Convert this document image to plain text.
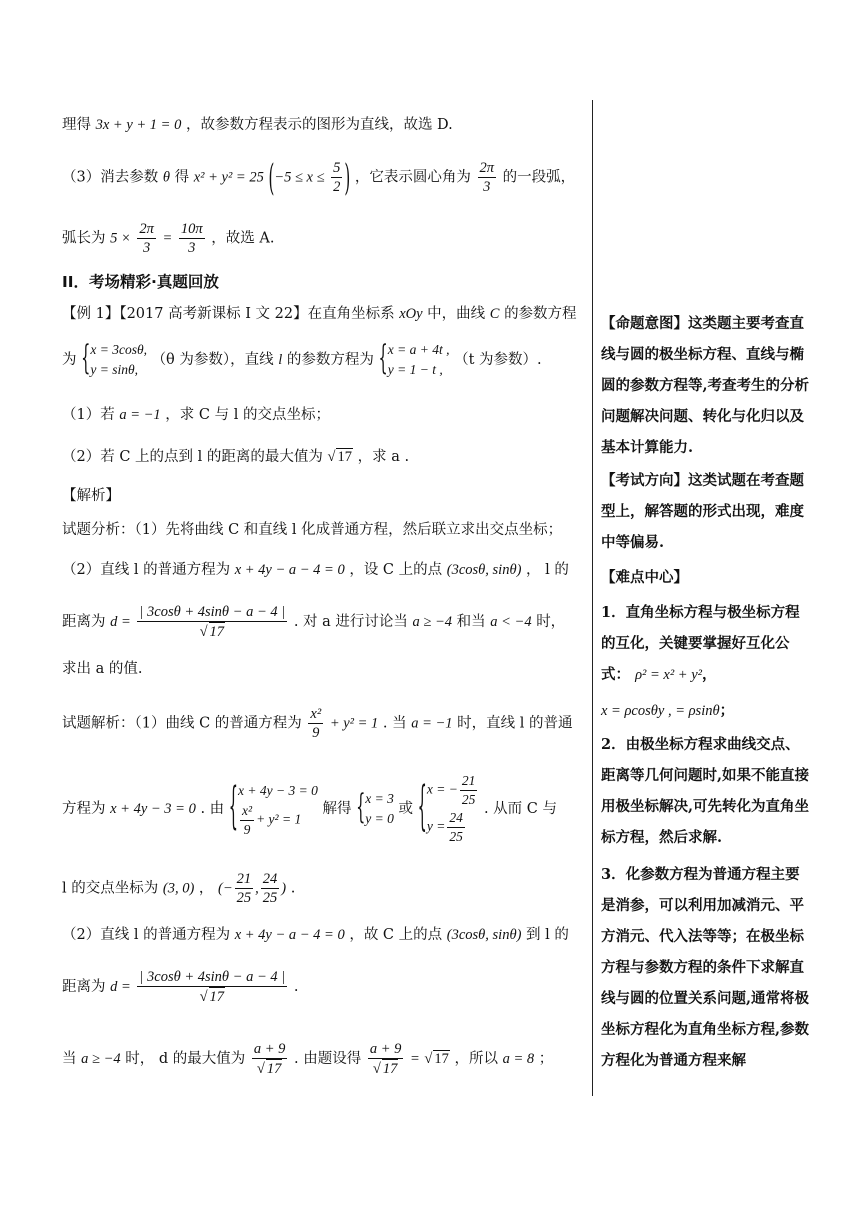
理得 3x + y + 1 = 0 ，故参数方程表示的图形为直线，故选 D.
（3）消去参数 θ 得 x² + y² = 25 ($-5 \le x \le \frac{5}{2}$ ) ，它表示圆心角为 $\frac{2\pi}{3}$ 的一段弧，
弧长为 $5 \times \frac{2\pi}{3} = \frac{10\pi}{3}$ ，故选 A.
II．考场精彩·真题回放
【例 1】【2017 高考新课标 I 文 22】在直角坐标系 xOy 中，曲线 C 的参数方程
为 { x = 3cosθ,
y = sinθ,
（θ 为参数），直线 l 的参数方程为 { x = a + 4t ,
y = 1 − t ,
（t 为参数）.
（1）若 a = −1 ，求 C 与 l 的交点坐标；
（2）若 C 上的点到 l 的距离的最大值为 √ 17 ，求 a .
【解析】
试题分析：（1）先将曲线 C 和直线 l 化成普通方程，然后联立求出交点坐标；
（2）直线 l 的普通方程为 x + 4y − a − 4 = 0 ，设 C 上的点 (3cosθ, sinθ) ， l 的
距离为 $d = \frac{| 3\cos\theta + 4\sin\theta - a - 4 |}{√ 17}$ . 对 a 进行讨论当 a ≥ −4 和当 a < −4 时，
求出 a 的值.
试题解析：（1）曲线 C 的普通方程为 $\frac{\text{x²}}{9} + y^2 = 1$ . 当 a = −1 时，直线 l 的普通
方程为 x + 4y − 3 = 0 . 由 { x + 4y − 3 = 0
$\frac{\text{x²}}{9} + y^2 = 1$
解得 { x = 3
y = 0
或 { x = − $\frac{21}{25}$
$y = \frac{24}{25}$ . 从而 C 与
l 的交点坐标为 (3, 0) ， (− $\frac{21}{25}$ , $\frac{24}{25}$ ) .
（2）直线 l 的普通方程为 x + 4y − a − 4 = 0 ，故 C 上的点 (3cosθ, sinθ) 到 l 的
距离为 $d = \frac{| 3\cos\theta + 4\sin\theta - a - 4 |}{√ 17}$ .
当 a ≥ −4 时， d 的最大值为 $\frac{a + 9}{√ 17}$ . 由题设得 $\frac{a + 9}{√ 17}$ = √ 17 ，所以 a = 8 ；

【命题意图】这类题主要考查直线与圆的极坐标方程、直线与椭圆的参数方程等,考查考生的分析问题解决问题、转化与化归以及基本计算能力.

【考试方向】这类试题在考查题型上，解答题的形式出现，难度中等偏易.

【难点中心】

1．直角坐标方程与极坐标方程的互化，关键要掌握好互化公式： ρ² = x² + y²，

x = ρcosθy , = ρsinθ；

2．由极坐标方程求曲线交点、距离等几何问题时,如果不能直接用极坐标解决,可先转化为直角坐标方程，然后求解.

3．化参数方程为普通方程主要是消参，可以利用加减消元、平方消元、代入法等等；在极坐标方程与参数方程的条件下求解直线与圆的位置关系问题,通常将极坐标方程化为直角坐标方程,参数方程化为普通方程来解
